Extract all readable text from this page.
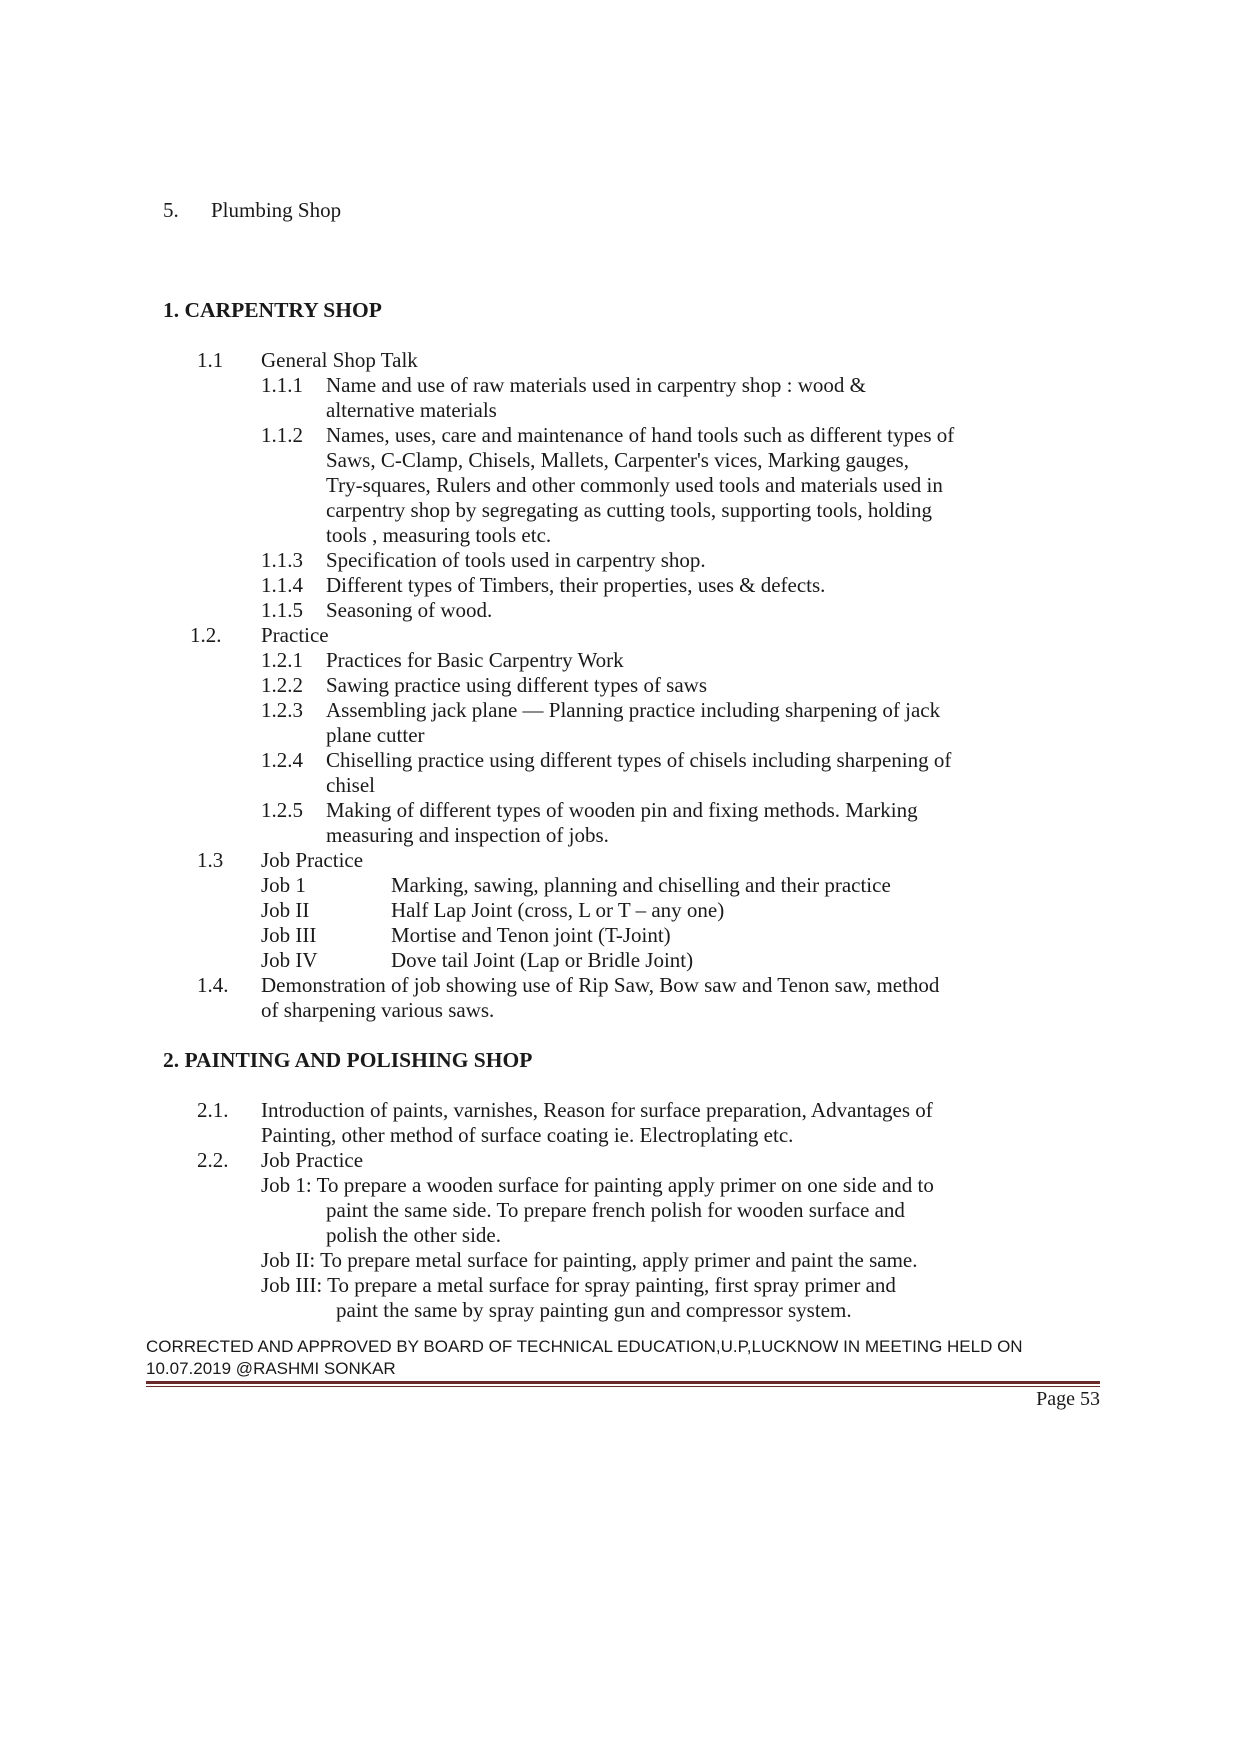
5. Plumbing Shop
1. CARPENTRY SHOP
1.1 General Shop Talk
1.1.1 Name and use of raw materials used in carpentry shop : wood &
alternative materials
1.1.2 Names, uses, care and maintenance of hand tools such as different types of
Saws, C-Clamp, Chisels, Mallets, Carpenter's vices, Marking gauges,
Try-squares, Rulers and other commonly used tools and materials used in
carpentry shop by segregating as cutting tools, supporting tools, holding
tools , measuring tools etc.
1.1.3 Specification of tools used in carpentry shop.
1.1.4 Different types of Timbers, their properties, uses & defects.
1.1.5 Seasoning of wood.
1.2. Practice
1.2.1 Practices for Basic Carpentry Work
1.2.2 Sawing practice using different types of saws
1.2.3 Assembling jack plane — Planning practice including sharpening of jack
plane cutter
1.2.4 Chiselling practice using different types of chisels including sharpening of
chisel
1.2.5 Making of different types of wooden pin and fixing methods. Marking
measuring and inspection of jobs.
1.3 Job Practice
Job 1	Marking, sawing, planning and chiselling and their practice
Job II	Half Lap Joint (cross, L or T – any one)
Job III	Mortise and Tenon joint (T-Joint)
Job IV	Dove tail Joint (Lap or Bridle Joint)
1.4. Demonstration of job showing use of Rip Saw, Bow saw and Tenon saw, method
of sharpening various saws.
2. PAINTING AND POLISHING SHOP
2.1. Introduction of paints, varnishes, Reason for surface preparation, Advantages of
Painting, other method of surface coating ie. Electroplating etc.
2.2. Job Practice
Job 1: To prepare a wooden surface for painting apply primer on one side and to
paint the same side. To prepare french polish for wooden surface and
polish the other side.
Job II: To prepare metal surface for painting, apply primer and paint the same.
Job III: To prepare a metal surface for spray painting, first spray primer and
paint the same by spray painting gun and compressor system.
CORRECTED AND APPROVED BY BOARD OF TECHNICAL EDUCATION,U.P,LUCKNOW IN MEETING HELD ON
10.07.2019 @RASHMI SONKAR
Page 53
